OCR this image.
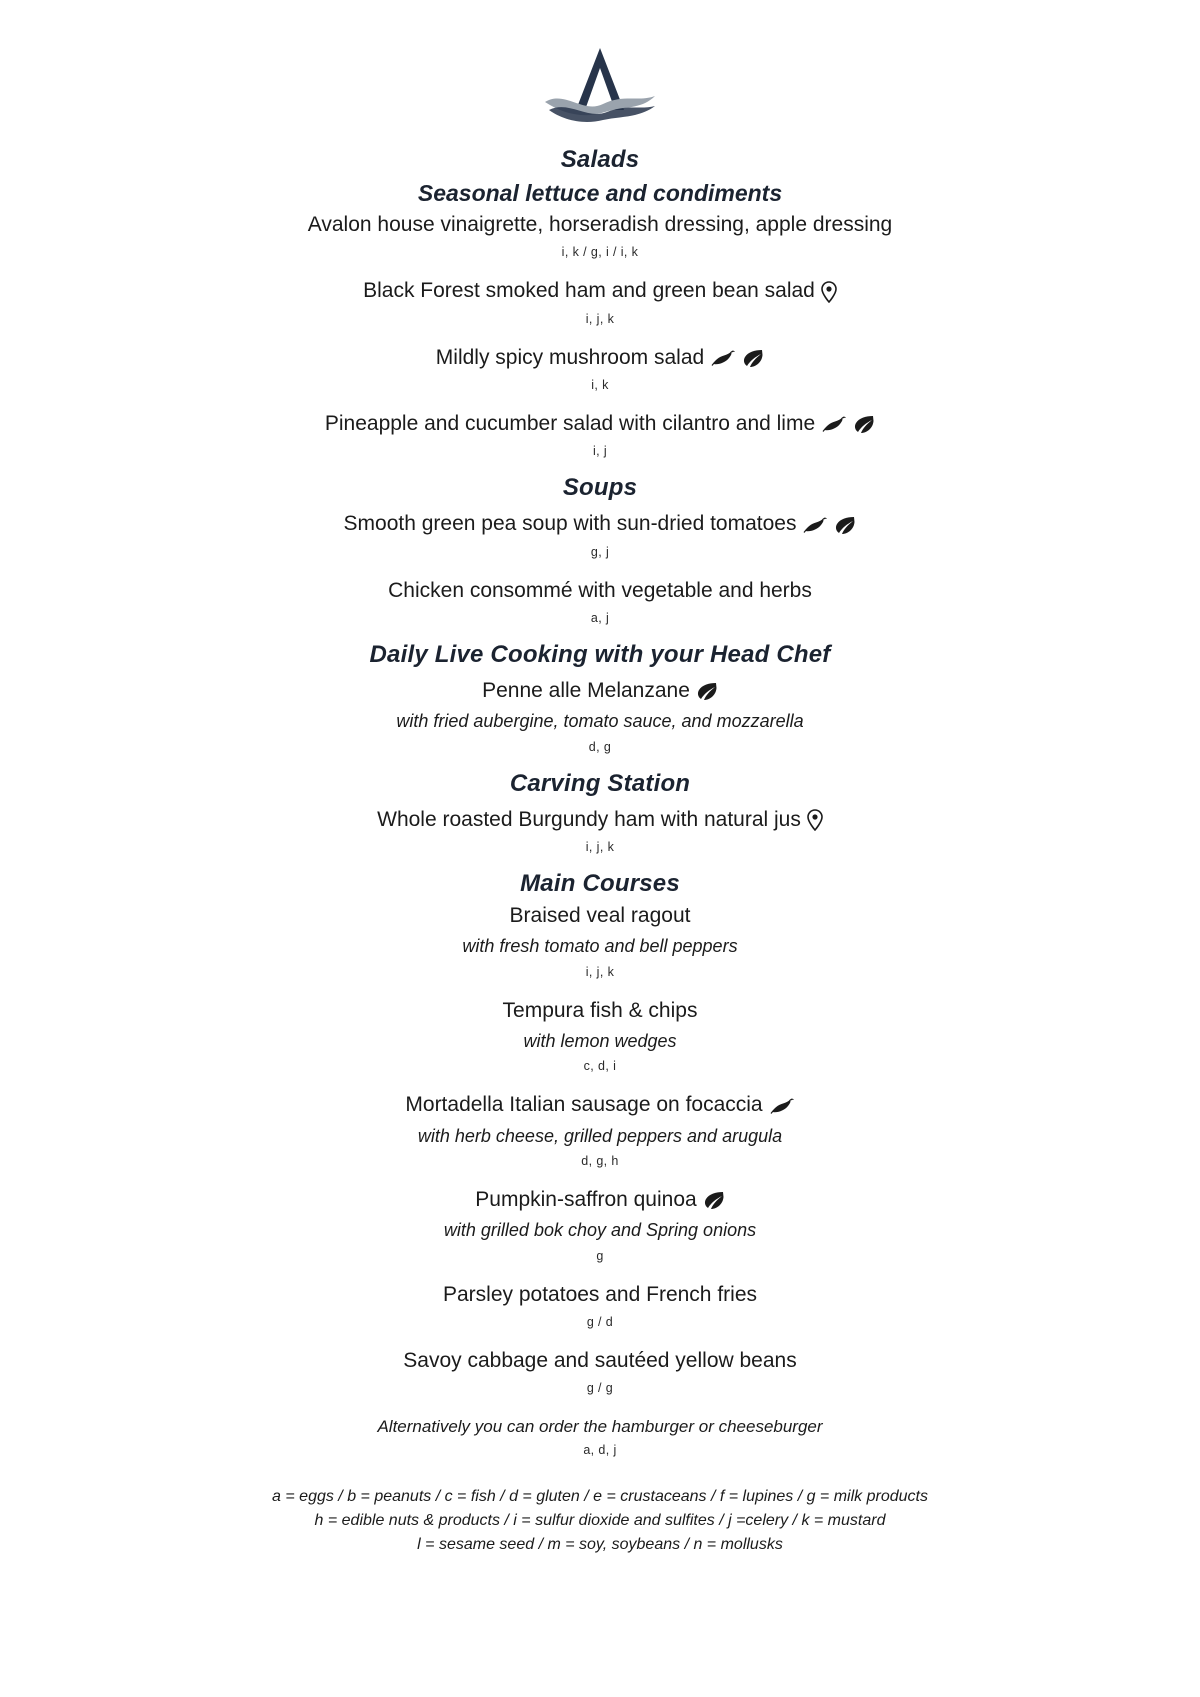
Salads
Seasonal lettuce and condiments
Avalon house vinaigrette, horseradish dressing, apple dressing
i, k / g, i / i, k
Black Forest smoked ham and green bean salad
i, j, k
Mildly spicy mushroom salad
i, k
Pineapple and cucumber salad with cilantro and lime
i, j
Soups
Smooth green pea soup with sun-dried tomatoes
g, j
Chicken consommé with vegetable and herbs
a, j
Daily Live Cooking with your Head Chef
Penne alle Melanzane
with fried aubergine, tomato sauce, and mozzarella
d, g
Carving Station
Whole roasted Burgundy ham with natural jus
i, j, k
Main Courses
Braised veal ragout
with fresh tomato and bell peppers
i, j, k
Tempura fish & chips
with lemon wedges
c, d, i
Mortadella Italian sausage on focaccia
with herb cheese, grilled peppers and arugula
d, g, h
Pumpkin-saffron quinoa
with grilled bok choy and Spring onions
g
Parsley potatoes and French fries
g / d
Savoy cabbage and sautéed yellow beans
g / g
Alternatively you can order the hamburger or cheeseburger
a, d, j
a = eggs / b = peanuts / c = fish / d = gluten / e = crustaceans / f = lupines / g = milk products
h = edible nuts & products / i = sulfur dioxide and sulfites / j =celery / k = mustard
l = sesame seed / m = soy, soybeans / n = mollusks
